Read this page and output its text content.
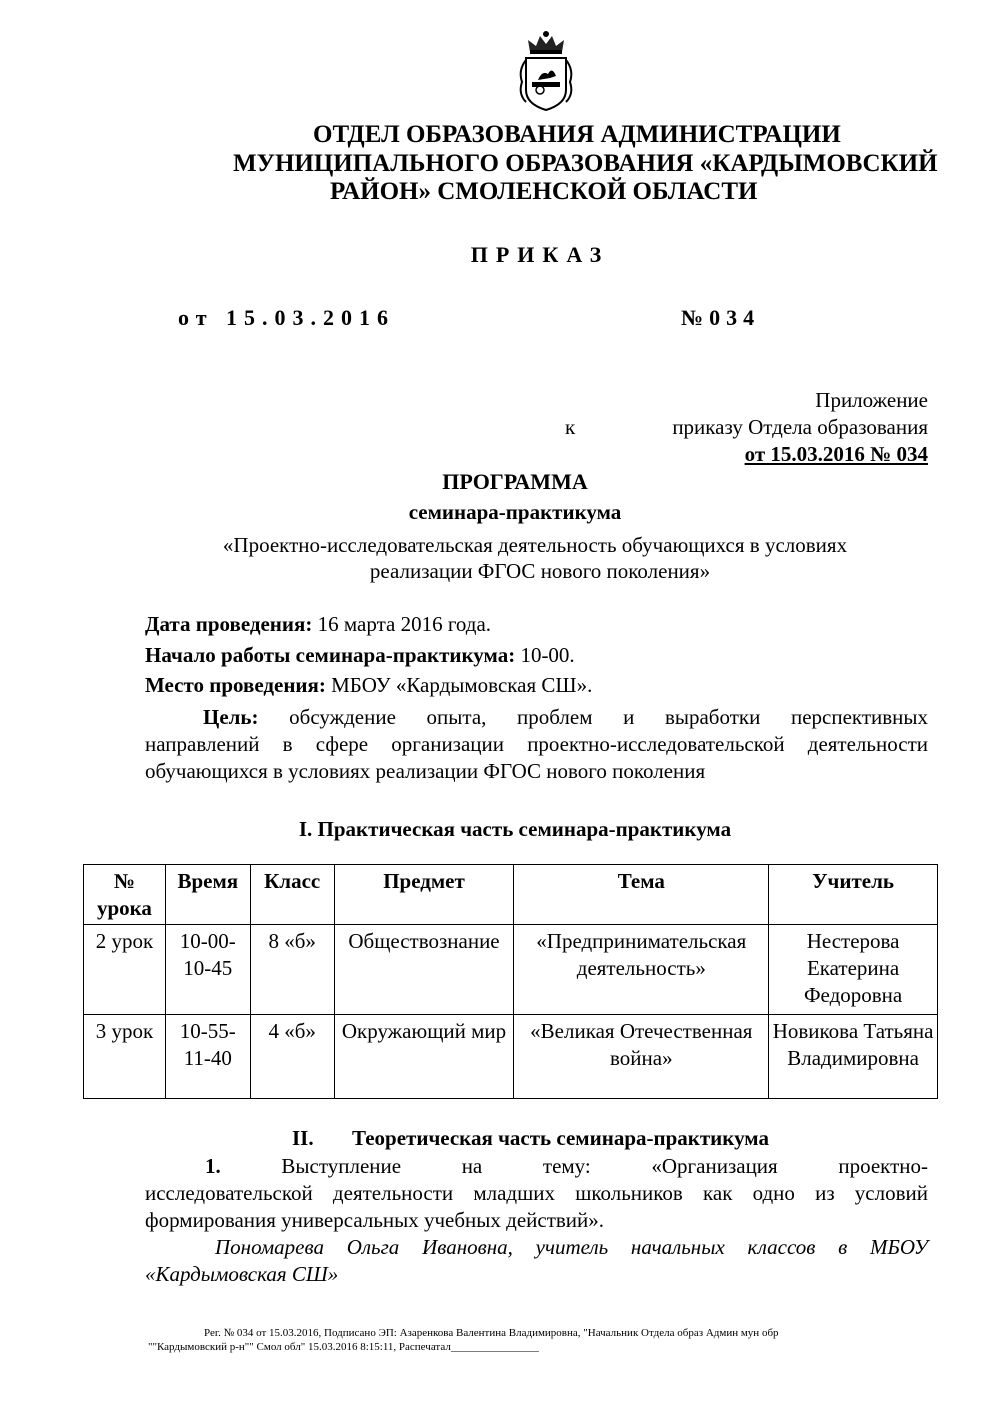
ОТДЕЛ ОБРАЗОВАНИЯ АДМИНИСТРАЦИИ
МУНИЦИПАЛЬНОГО ОБРАЗОВАНИЯ «КАРДЫМОВСКИЙ
РАЙОН» СМОЛЕНСКОЙ ОБЛАСТИ
ПРИКАЗ
от 15.03.2016	№034
Приложение
к	приказу Отдела образования
от 15.03.2016 № 034
ПРОГРАММА
семинара-практикума
«Проектно-исследовательская деятельность обучающихся в условиях
реализации ФГОС нового поколения»
Дата проведения: 16 марта 2016 года.
Начало работы семинара-практикума: 10-00.
Место проведения: МБОУ «Кардымовская СШ».
Цель: обсуждение опыта, проблем и выработки перспективных
направлений в сфере организации проектно-исследовательской деятельности
обучающихся в условиях реализации ФГОС нового поколения
I. Практическая часть семинара-практикума
№ урока	Время	Класс	Предмет	Тема	Учитель
2 урок	10-00- 10-45	8 «б»	Обществознание	«Предпринимательская деятельность»	Нестерова Екатерина Федоровна
3 урок	10-55- 11-40	4 «б»	Окружающий мир	«Великая Отечественная война»	Новикова Татьяна Владимировна
II. Теоретическая часть семинара-практикума
1. Выступление на тему: «Организация проектно-
исследовательской деятельности младших школьников как одно из условий
формирования универсальных учебных действий».
Пономарева Ольга Ивановна, учитель начальных классов в МБОУ
«Кардымовская СШ»
Рег. № 034 от 15.03.2016, Подписано ЭП: Азаренкова Валентина Владимировна, "Начальник Отдела образ Админ мун обр
""Кардымовский р-н"" Смол обл" 15.03.2016 8:15:11, Распечатал________________
